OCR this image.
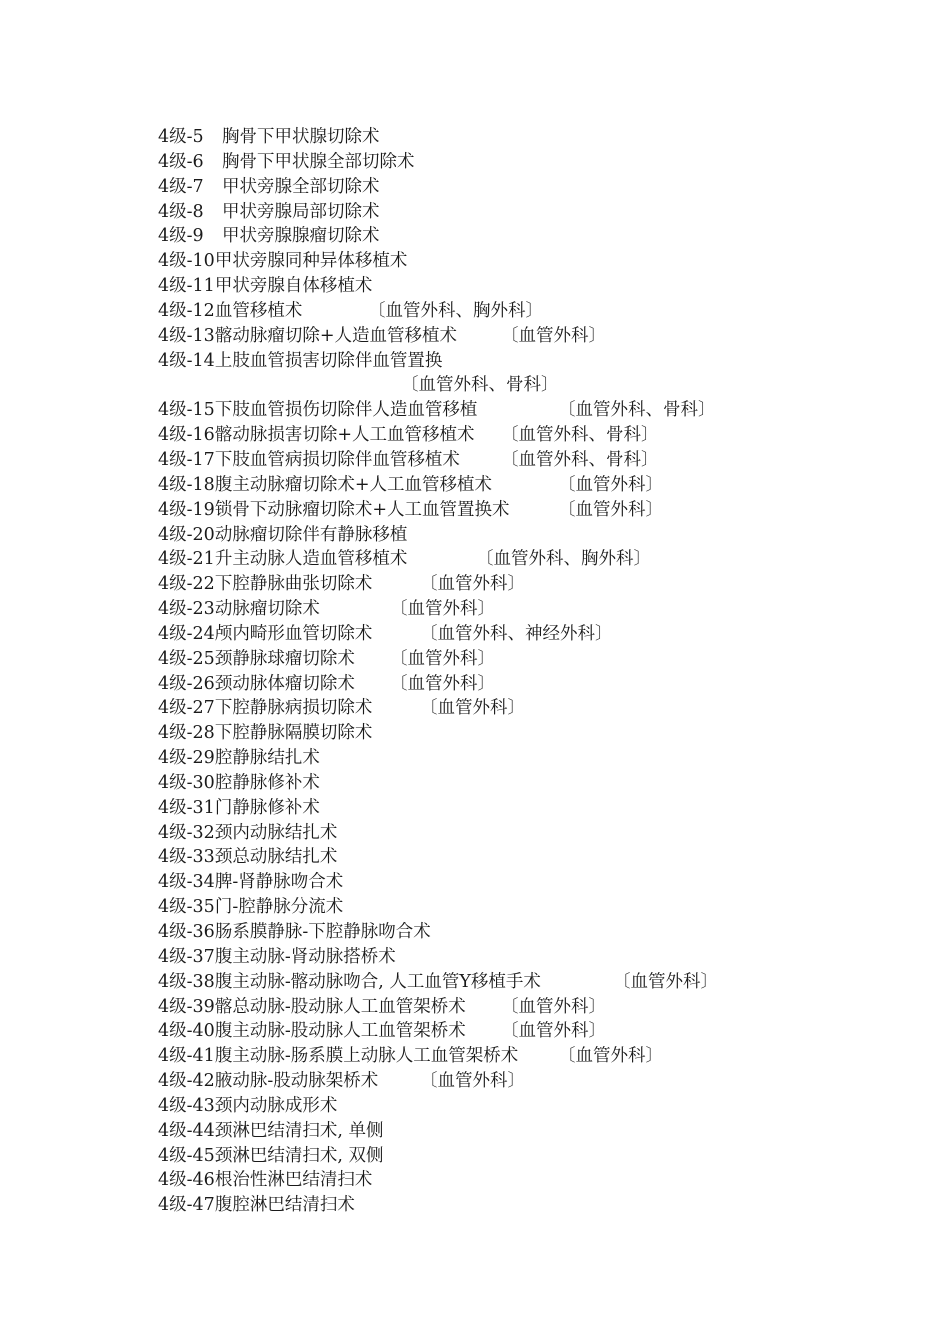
4级-5 胸骨下甲状腺切除术
4级-6 胸骨下甲状腺全部切除术
4级-7 甲状旁腺全部切除术
4级-8 甲状旁腺局部切除术
4级-9 甲状旁腺腺瘤切除术
4级-10甲状旁腺同种异体移植术
4级-11甲状旁腺自体移植术
4级-12血管移植术	〔血管外科、胸外科〕
4级-13髂动脉瘤切除+人造血管移植术	〔血管外科〕
4级-14上肢血管损害切除伴血管置换
〔血管外科、骨科〕
4级-15下肢血管损伤切除伴人造血管移植	〔血管外科、骨科〕
4级-16髂动脉损害切除+人工血管移植术 〔血管外科、骨科〕
4级-17下肢血管病损切除伴血管移植术 〔血管外科、骨科〕
4级-18腹主动脉瘤切除术+人工血管移植术	〔血管外科〕
4级-19锁骨下动脉瘤切除术+人工血管置换术	〔血管外科〕
4级-20动脉瘤切除伴有静脉移植
4级-21升主动脉人造血管移植术	〔血管外科、胸外科〕
4级-22下腔静脉曲张切除术	〔血管外科〕
4级-23动脉瘤切除术	〔血管外科〕
4级-24颅内畸形血管切除术	〔血管外科、神经外科〕
4级-25颈静脉球瘤切除术 〔血管外科〕
4级-26颈动脉体瘤切除术 〔血管外科〕
4级-27下腔静脉病损切除术	〔血管外科〕
4级-28下腔静脉隔膜切除术
4级-29腔静脉结扎术
4级-30腔静脉修补术
4级-31门静脉修补术
4级-32颈内动脉结扎术
4级-33颈总动脉结扎术
4级-34脾-肾静脉吻合术
4级-35门-腔静脉分流术
4级-36肠系膜静脉-下腔静脉吻合术
4级-37腹主动脉-肾动脉搭桥术
4级-38腹主动脉-髂动脉吻合, 人工血管Y移植手术	〔血管外科〕
4级-39髂总动脉-股动脉人工血管架桥术 〔血管外科〕
4级-40腹主动脉-股动脉人工血管架桥术 〔血管外科〕
4级-41腹主动脉-肠系膜上动脉人工血管架桥术 〔血管外科〕
4级-42腋动脉-股动脉架桥术 〔血管外科〕
4级-43颈内动脉成形术
4级-44颈淋巴结清扫术, 单侧
4级-45颈淋巴结清扫术, 双侧
4级-46根治性淋巴结清扫术
4级-47腹腔淋巴结清扫术
